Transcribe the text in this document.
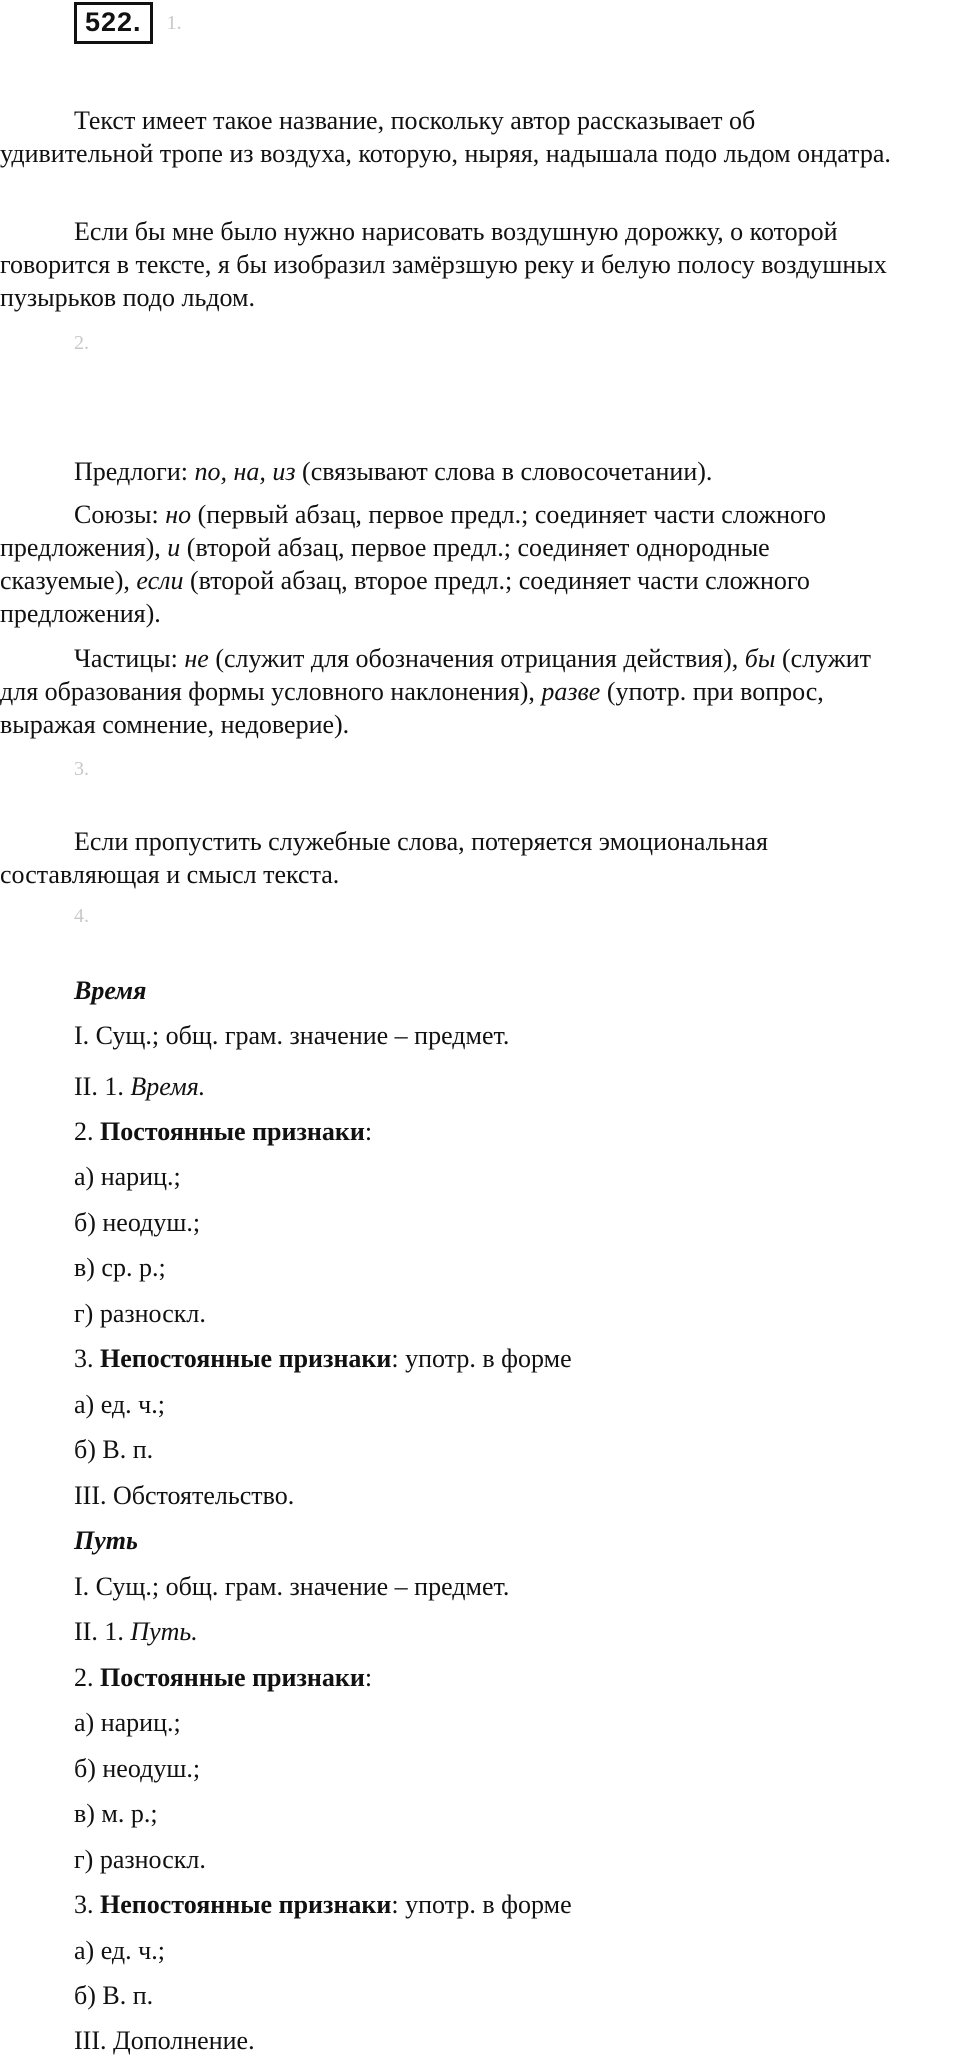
522.	1.

Текст имеет такое название, поскольку автор рассказывает об удивительной тропе из воздуха, которую, ныряя, надышала подо льдом ондатра.

Если бы мне было нужно нарисовать воздушную дорожку, о которой говорится в тексте, я бы изобразил замёрзшую реку и белую полосу воздушных пузырьков подо льдом.

2.

Предлоги: по, на, из (связывают слова в словосочетании).

Союзы: но (первый абзац, первое предл.; соединяет части сложного предложения), и (второй абзац, первое предл.; соединяет однородные сказуемые), если (второй абзац, второе предл.; соединяет части сложного предложения).

Частицы: не (служит для обозначения отрицания действия), бы (служит для образования формы условного наклонения), разве (употр. при вопрос, выражая сомнение, недоверие).

3.

Если пропустить служебные слова, потеряется эмоциональная составляющая и смысл текста.

4.
Время
I. Сущ.; общ. грам. значение – предмет.
II. 1. Время.
2. Постоянные признаки:
а) нариц.;
б) неодуш.;
в) ср. р.;
г) разноскл.
3. Непостоянные признаки: употр. в форме
а) ед. ч.;
б) В. п.
III. Обстоятельство.
Путь
I. Сущ.; общ. грам. значение – предмет.
II. 1. Путь.
2. Постоянные признаки:
а) нариц.;
б) неодуш.;
в) м. р.;
г) разноскл.
3. Непостоянные признаки: употр. в форме
а) ед. ч.;
б) В. п.
III. Дополнение.
